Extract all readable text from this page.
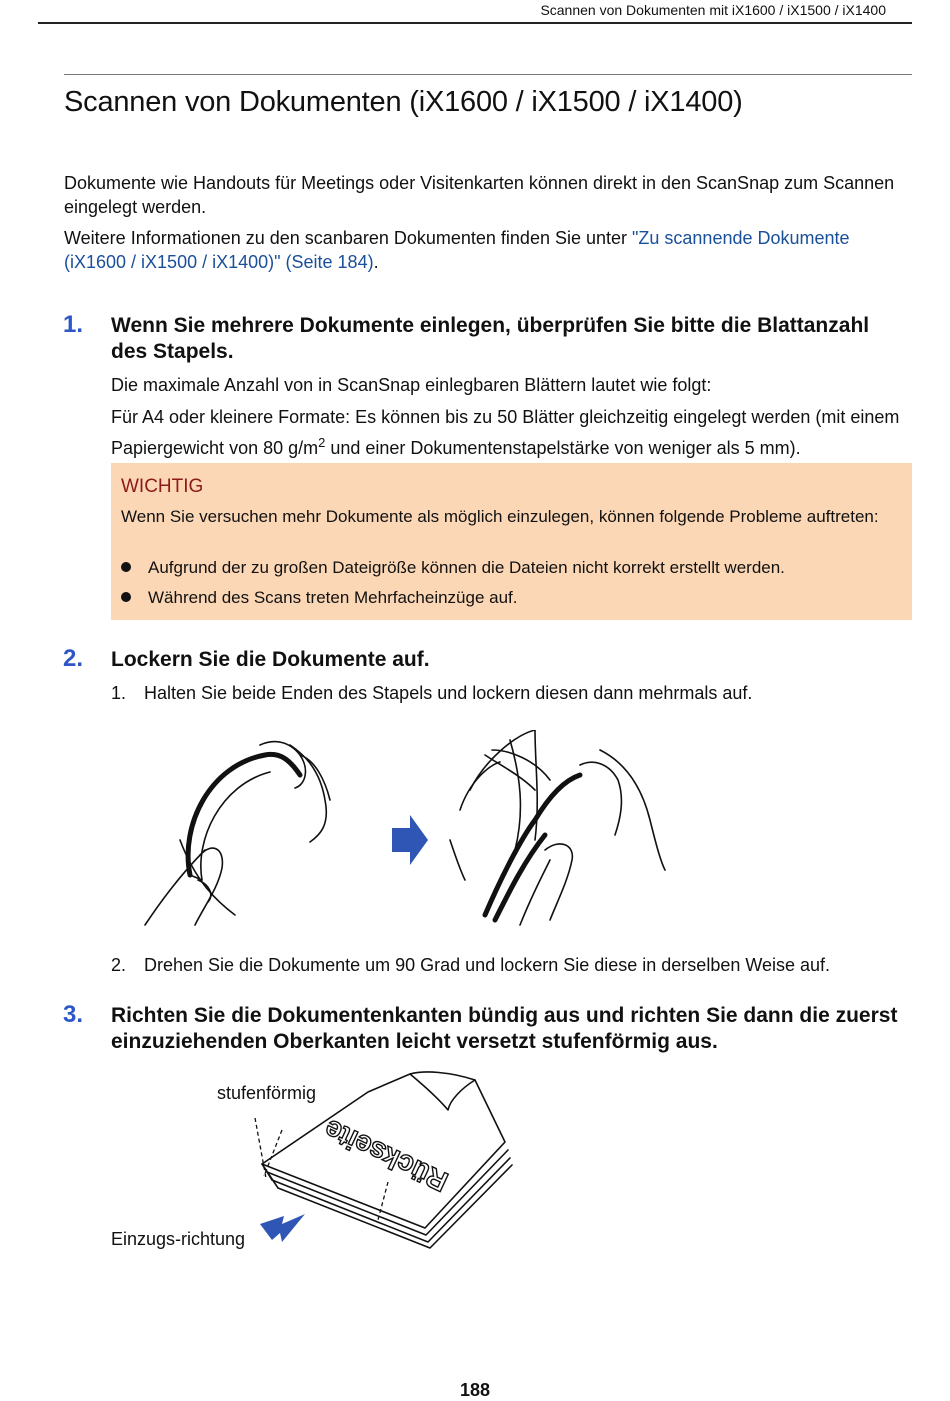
Scannen von Dokumenten mit iX1600 / iX1500 / iX1400
Scannen von Dokumenten (iX1600 / iX1500 / iX1400)
Dokumente wie Handouts für Meetings oder Visitenkarten können direkt in den ScanSnap zum Scannen eingelegt werden.
Weitere Informationen zu den scanbaren Dokumenten finden Sie unter "Zu scannende Dokumente (iX1600 / iX1500 / iX1400)" (Seite 184).
1. Wenn Sie mehrere Dokumente einlegen, überprüfen Sie bitte die Blattanzahl des Stapels.
Die maximale Anzahl von in ScanSnap einlegbaren Blättern lautet wie folgt:
Für A4 oder kleinere Formate: Es können bis zu 50 Blätter gleichzeitig eingelegt werden (mit einem Papiergewicht von 80 $g/m^2$ und einer Dokumentenstapelstärke von weniger als 5 mm).
WICHTIG
Wenn Sie versuchen mehr Dokumente als möglich einzulegen, können folgende Probleme auftreten:
Aufgrund der zu großen Dateigröße können die Dateien nicht korrekt erstellt werden.
Während des Scans treten Mehrfacheinzüge auf.
2. Lockern Sie die Dokumente auf.
1. Halten Sie beide Enden des Stapels und lockern diesen dann mehrmals auf.
2. Drehen Sie die Dokumente um 90 Grad und lockern Sie diese in derselben Weise auf.
3. Richten Sie die Dokumentenkanten bündig aus und richten Sie dann die zuerst einzuziehenden Oberkanten leicht versetzt stufenförmig aus.
stufenförmig
Einzugs-richtung
Rückseite
188
